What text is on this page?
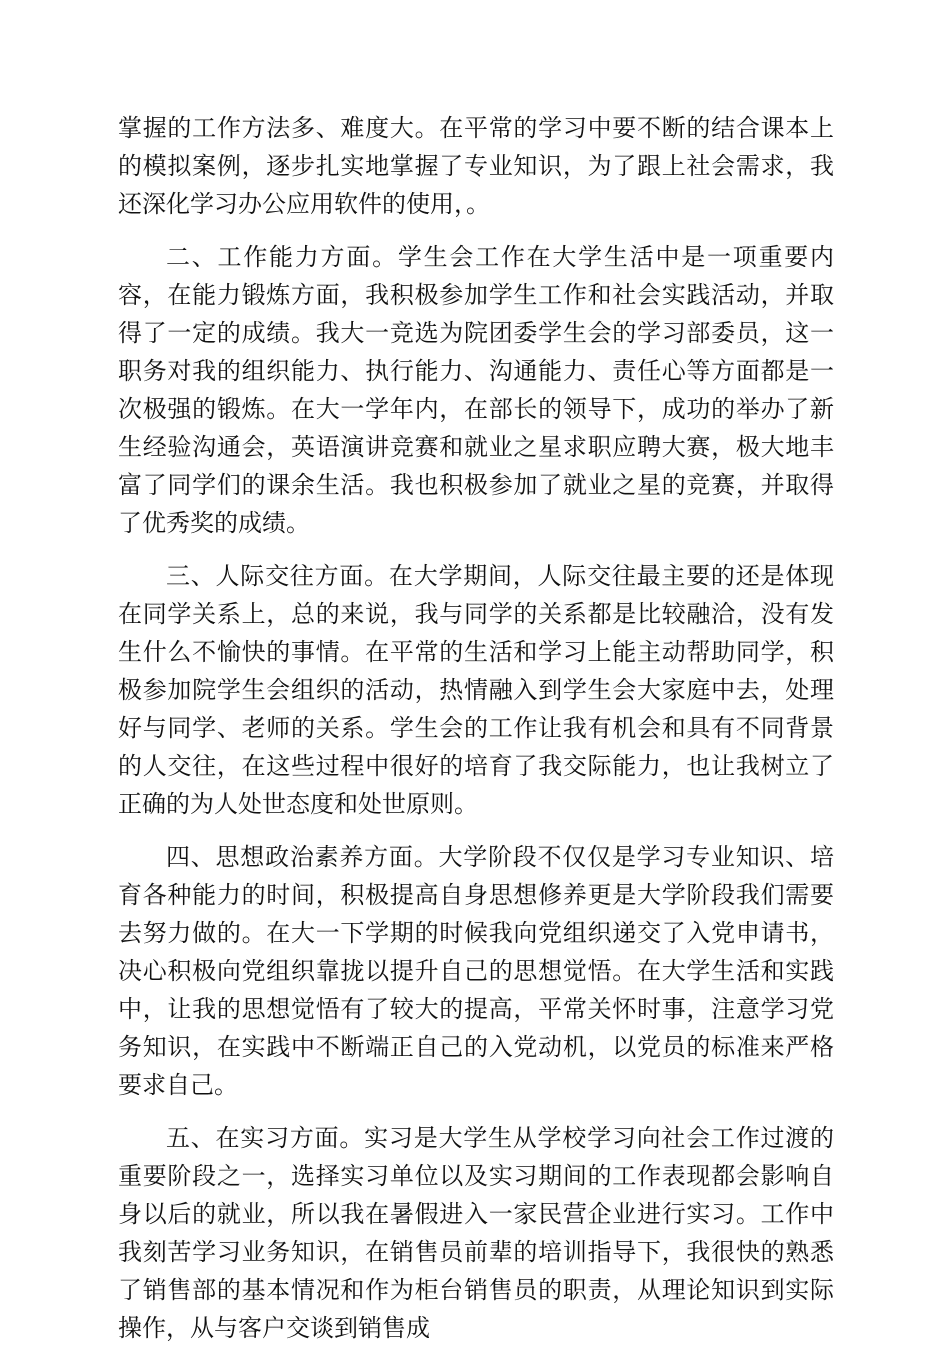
掌握的工作方法多、难度大。在平常的学习中要不断的结合课本上的模拟案例，逐步扎实地掌握了专业知识，为了跟上社会需求，我还深化学习办公应用软件的使用，。

二、工作能力方面。学生会工作在大学生活中是一项重要内容，在能力锻炼方面，我积极参加学生工作和社会实践活动，并取得了一定的成绩。我大一竞选为院团委学生会的学习部委员，这一职务对我的组织能力、执行能力、沟通能力、责任心等方面都是一次极强的锻炼。在大一学年内，在部长的领导下，成功的举办了新生经验沟通会，英语演讲竞赛和就业之星求职应聘大赛，极大地丰富了同学们的课余生活。我也积极参加了就业之星的竞赛，并取得了优秀奖的成绩。

三、人际交往方面。在大学期间，人际交往最主要的还是体现在同学关系上，总的来说，我与同学的关系都是比较融洽，没有发生什么不愉快的事情。在平常的生活和学习上能主动帮助同学，积极参加院学生会组织的活动，热情融入到学生会大家庭中去，处理好与同学、老师的关系。学生会的工作让我有机会和具有不同背景的人交往，在这些过程中很好的培育了我交际能力，也让我树立了正确的为人处世态度和处世原则。

四、思想政治素养方面。大学阶段不仅仅是学习专业知识、培育各种能力的时间，积极提高自身思想修养更是大学阶段我们需要去努力做的。在大一下学期的时候我向党组织递交了入党申请书，决心积极向党组织靠拢以提升自己的思想觉悟。在大学生活和实践中，让我的思想觉悟有了较大的提高，平常关怀时事，注意学习党务知识，在实践中不断端正自己的入党动机，以党员的标准来严格要求自己。

五、在实习方面。实习是大学生从学校学习向社会工作过渡的重要阶段之一，选择实习单位以及实习期间的工作表现都会影响自身以后的就业，所以我在暑假进入一家民营企业进行实习。工作中我刻苦学习业务知识，在销售员前辈的培训指导下，我很快的熟悉了销售部的基本情况和作为柜台销售员的职责，从理论知识到实际操作，从与客户交谈到销售成
